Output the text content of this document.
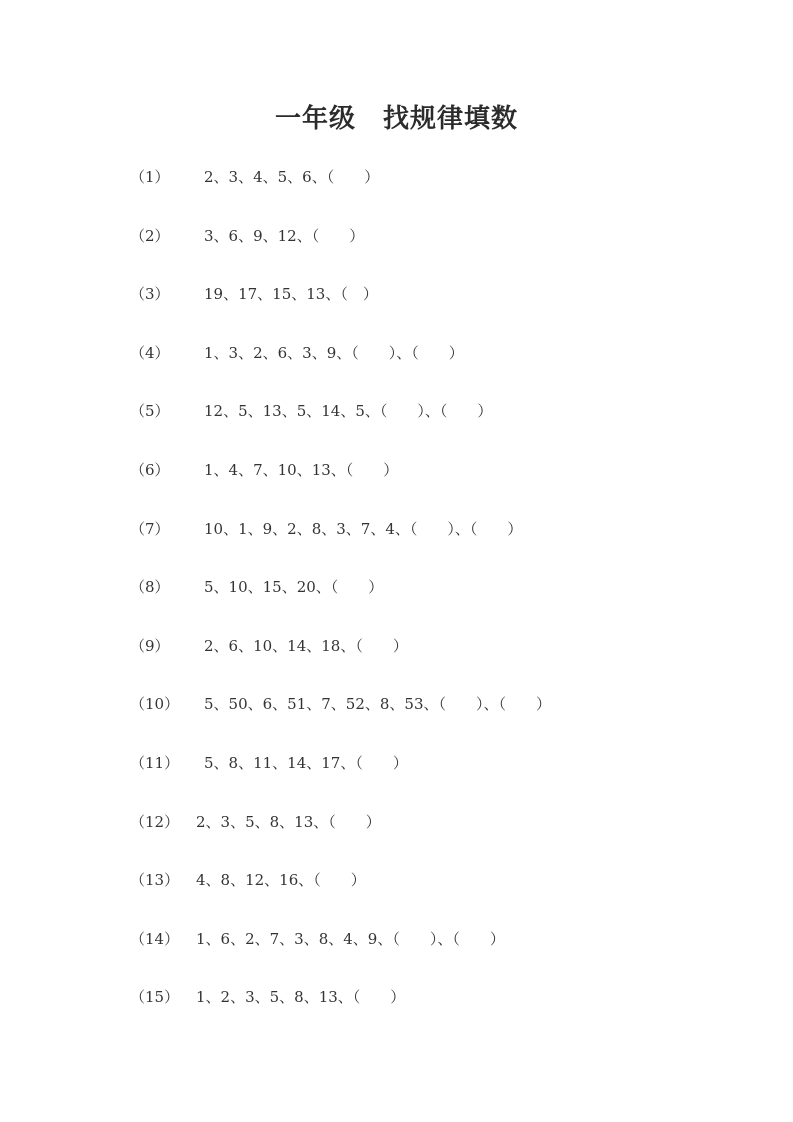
一年级　找规律填数
（1）	2、3、4、5、6、（　　）
（2）	3、6、9、12、（　　）
（3）	19、17、15、13、（　）
（4）	1、3、2、6、3、9、（　　）、（　　）
（5）	12、5、13、5、14、5、（　　）、（　　）
（6）	1、4、7、10、13、（　　）
（7）	10、1、9、2、8、3、7、4、（　　）、（　　）
（8）	5、10、15、20、（　　）
（9）	2、6、10、14、18、（　　）
（10）	5、50、6、51、7、52、8、53、（　　）、（　　）
（11）	5、8、11、14、17、（　　）
（12）	2、3、5、8、13、（　　）
（13）	4、8、12、16、（　　）
（14）	1、6、2、7、3、8、4、9、（　　）、（　　）
（15）	1、2、3、5、8、13、（　　）
